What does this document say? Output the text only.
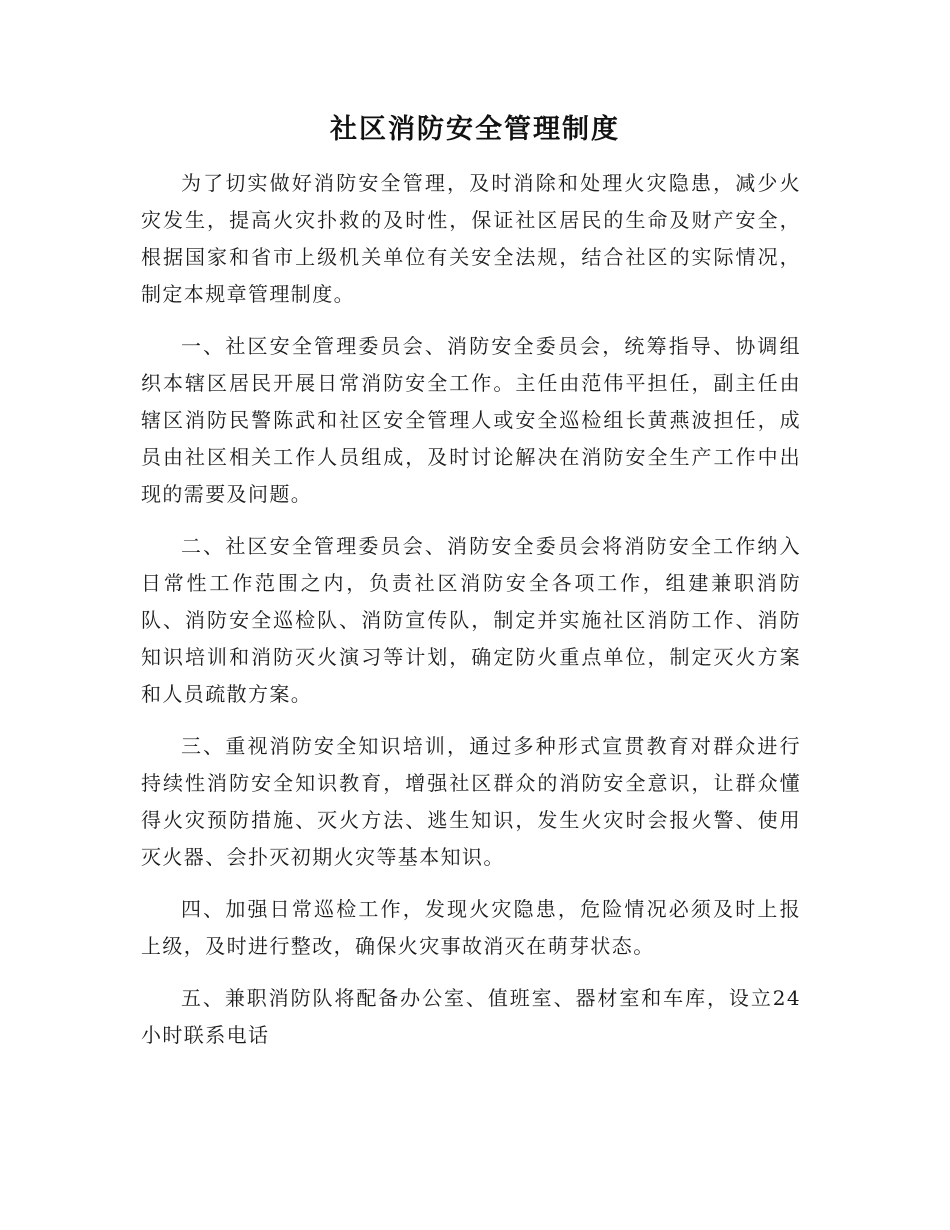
社区消防安全管理制度

为了切实做好消防安全管理，及时消除和处理火灾隐患，减少火灾发生，提高火灾扑救的及时性，保证社区居民的生命及财产安全，根据国家和省市上级机关单位有关安全法规，结合社区的实际情况，制定本规章管理制度。

一、社区安全管理委员会、消防安全委员会，统筹指导、协调组织本辖区居民开展日常消防安全工作。主任由范伟平担任，副主任由辖区消防民警陈武和社区安全管理人或安全巡检组长黄燕波担任，成员由社区相关工作人员组成，及时讨论解决在消防安全生产工作中出现的需要及问题。

二、社区安全管理委员会、消防安全委员会将消防安全工作纳入日常性工作范围之内，负责社区消防安全各项工作，组建兼职消防队、消防安全巡检队、消防宣传队，制定并实施社区消防工作、消防知识培训和消防灭火演习等计划，确定防火重点单位，制定灭火方案和人员疏散方案。

三、重视消防安全知识培训，通过多种形式宣贯教育对群众进行持续性消防安全知识教育，增强社区群众的消防安全意识，让群众懂得火灾预防措施、灭火方法、逃生知识，发生火灾时会报火警、使用灭火器、会扑灭初期火灾等基本知识。

四、加强日常巡检工作，发现火灾隐患，危险情况必须及时上报上级，及时进行整改，确保火灾事故消灭在萌芽状态。

五、兼职消防队将配备办公室、值班室、器材室和车库，设立24小时联系电话
